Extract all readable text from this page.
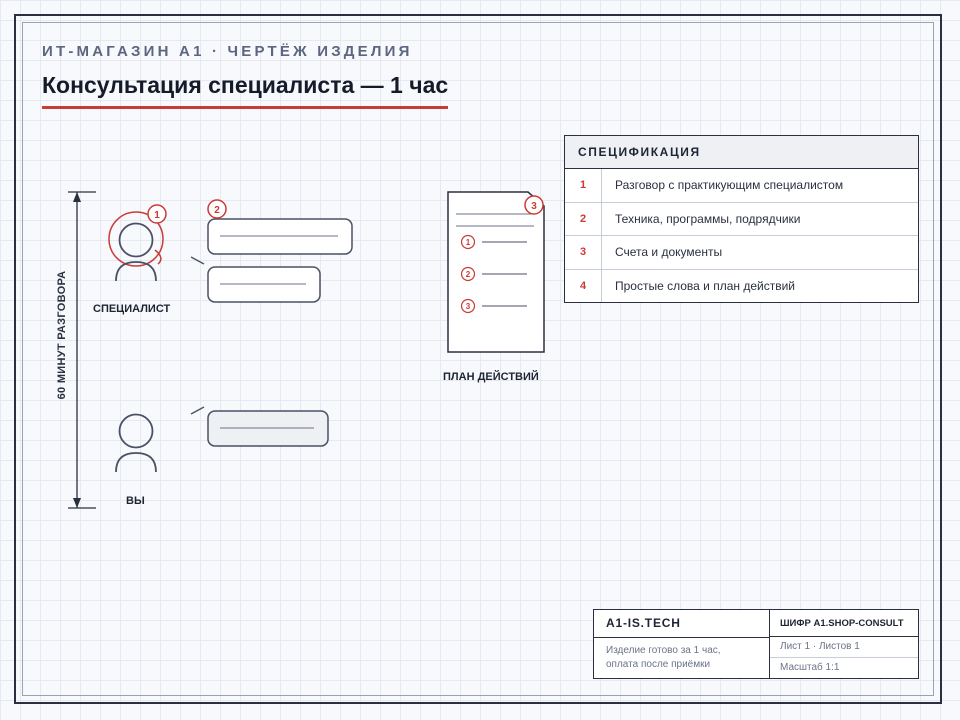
ИТ-МАГАЗИН А1 · ЧЕРТЁЖ ИЗДЕЛИЯ
Консультация специалиста — 1 час
1	2
1
2
3
3
60 МИНУТ РАЗГОВОРА СПЕЦИАЛИСТ
ВЫ
ПЛАН ДЕЙСТВИЙ
СПЕЦИФИКАЦИЯ
1	Разговор с практикующим специалистом
2	Техника, программы, подрядчики
3	Счета и документы
4	Простые слова и план действий
A1-IS.TECH
Изделие готово за 1 час,
оплата после приёмки
ШИФР A1.SHOP-CONSULT
Лист 1 · Листов 1
Масштаб 1:1
